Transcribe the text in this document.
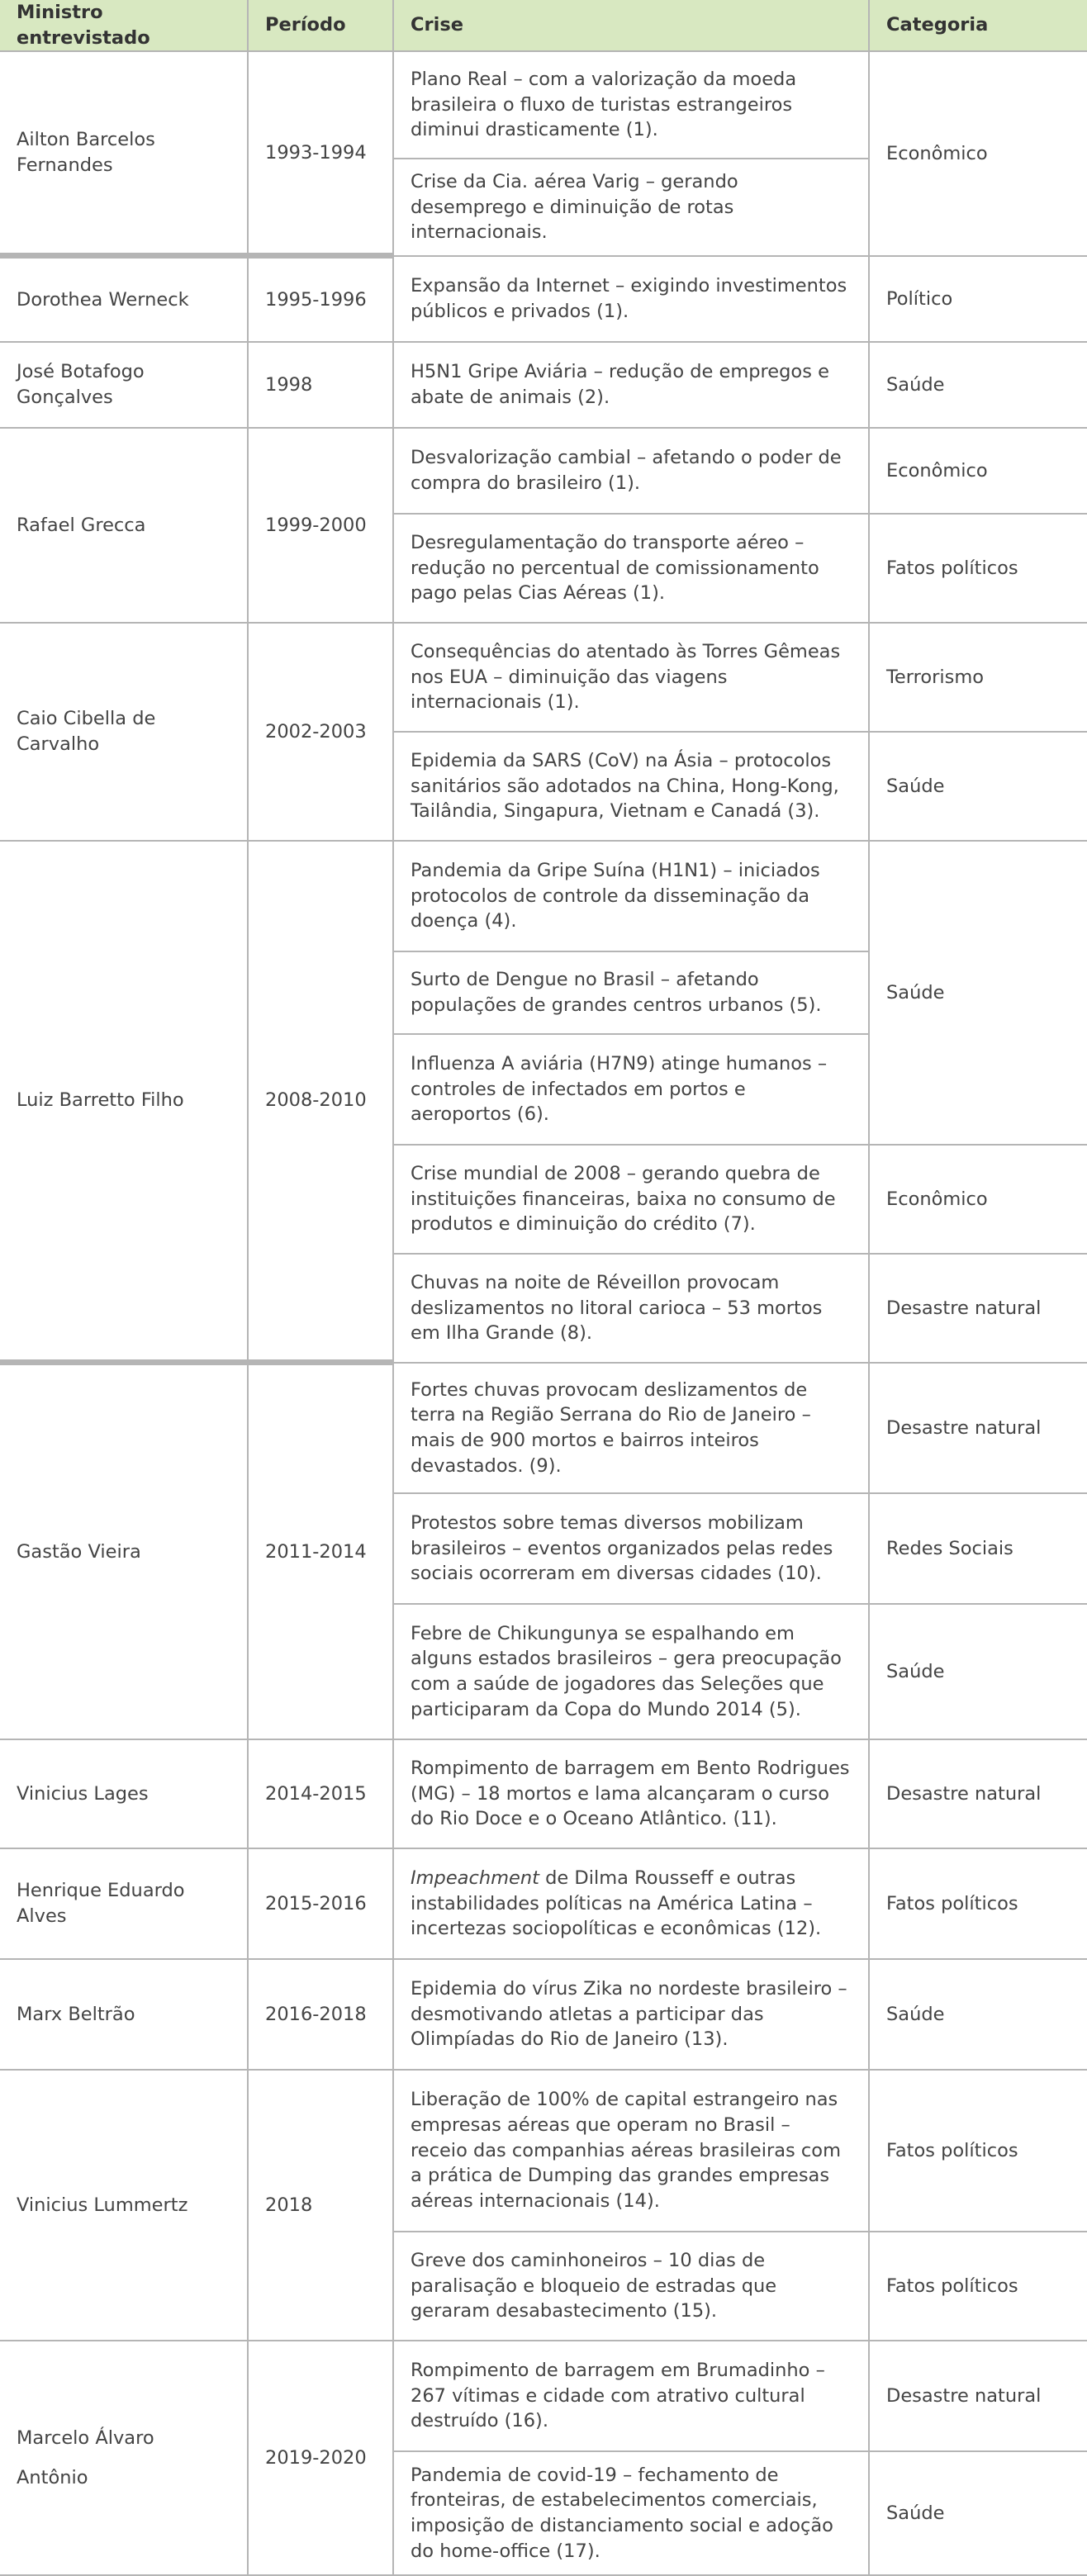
Ministro entrevistado	Período	Crise	Categoria
Ailton Barcelos Fernandes	1993-1994	Plano Real – com a valorização da moeda brasileira o fluxo de turistas estrangeiros diminui drasticamente (1).	Econômico
		Crise da Cia. aérea Varig – gerando desemprego e diminuição de rotas internacionais.	
Dorothea Werneck	1995-1996	Expansão da Internet – exigindo investimentos públicos e privados (1).	Político
José Botafogo Gonçalves	1998	H5N1 Gripe Aviária – redução de empregos e abate de animais (2).	Saúde
Rafael Grecca	1999-2000	Desvalorização cambial – afetando o poder de compra do brasileiro (1).	Econômico
		Desregulamentação do transporte aéreo – redução no percentual de comissionamento pago pelas Cias Aéreas (1).	Fatos políticos
Caio Cibella de Carvalho	2002-2003	Consequências do atentado às Torres Gêmeas nos EUA – diminuição das viagens internacionais (1).	Terrorismo
		Epidemia da SARS (CoV) na Ásia – protocolos sanitários são adotados na China, Hong-Kong, Tailândia, Singapura, Vietnam e Canadá (3).	Saúde
Luiz Barretto Filho	2008-2010	Pandemia da Gripe Suína (H1N1) – iniciados protocolos de controle da disseminação da doença (4).	Saúde
		Surto de Dengue no Brasil – afetando populações de grandes centros urbanos (5).	
		Influenza A aviária (H7N9) atinge humanos – controles de infectados em portos e aeroportos (6).	
		Crise mundial de 2008 – gerando quebra de instituições financeiras, baixa no consumo de produtos e diminuição do crédito (7).	Econômico
		Chuvas na noite de Réveillon provocam deslizamentos no litoral carioca – 53 mortos em Ilha Grande (8).	Desastre natural
Gastão Vieira	2011-2014	Fortes chuvas provocam deslizamentos de terra na Região Serrana do Rio de Janeiro – mais de 900 mortos e bairros inteiros devastados. (9).	Desastre natural
		Protestos sobre temas diversos mobilizam brasileiros – eventos organizados pelas redes sociais ocorreram em diversas cidades (10).	Redes Sociais
		Febre de Chikungunya se espalhando em alguns estados brasileiros – gera preocupação com a saúde de jogadores das Seleções que participaram da Copa do Mundo 2014 (5).	Saúde
Vinicius Lages	2014-2015	Rompimento de barragem em Bento Rodrigues (MG) – 18 mortos e lama alcançaram o curso do Rio Doce e o Oceano Atlântico. (11).	Desastre natural
Henrique Eduardo Alves	2015-2016	Impeachment de Dilma Rousseff e outras instabilidades políticas na América Latina – incertezas sociopolíticas e econômicas (12).	Fatos políticos
Marx Beltrão	2016-2018	Epidemia do vírus Zika no nordeste brasileiro – desmotivando atletas a participar das Olimpíadas do Rio de Janeiro (13).	Saúde
Vinicius Lummertz	2018	Liberação de 100% de capital estrangeiro nas empresas aéreas que operam no Brasil – receio das companhias aéreas brasileiras com a prática de Dumping das grandes empresas aéreas internacionais (14).	Fatos políticos
		Greve dos caminhoneiros – 10 dias de paralisação e bloqueio de estradas que geraram desabastecimento (15).	Fatos políticos
Marcelo Álvaro Antônio	2019-2020	Rompimento de barragem em Brumadinho – 267 vítimas e cidade com atrativo cultural destruído (16).	Desastre natural
		Pandemia de covid-19 – fechamento de fronteiras, de estabelecimentos comerciais, imposição de distanciamento social e adoção do home-office (17).	Saúde
